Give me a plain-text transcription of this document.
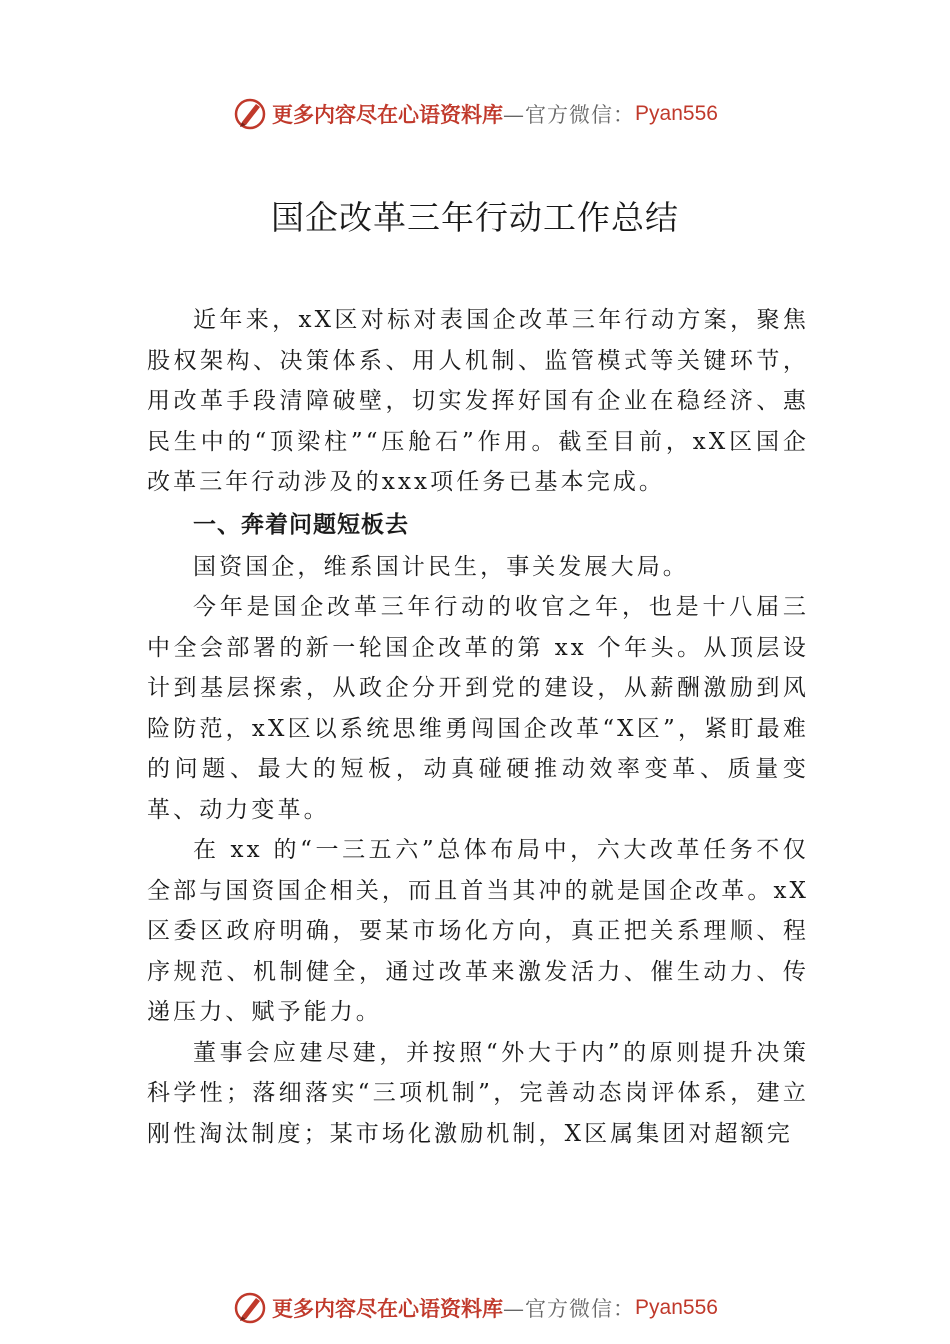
更多内容尽在心语资料库 —官方微信： Pyan556
国企改革三年行动工作总结

近年来，xX区对标对表国企改革三年行动方案，聚焦股权架构、决策体系、用人机制、监管模式等关键环节，用改革手段清障破壁，切实发挥好国有企业在稳经济、惠民生中的“顶梁柱”“压舱石”作用。截至目前，xX区国企改革三年行动涉及的xxx项任务已基本完成。

一、奔着问题短板去

国资国企，维系国计民生，事关发展大局。

今年是国企改革三年行动的收官之年，也是十八届三中全会部署的新一轮国企改革的第 xx 个年头。从顶层设计到基层探索，从政企分开到党的建设，从薪酬激励到风险防范，xX区以系统思维勇闯国企改革“X区”，紧盯最难的问题、最大的短板，动真碰硬推动效率变革、质量变革、动力变革。

在 xx 的“一三五六”总体布局中，六大改革任务不仅全部与国资国企相关，而且首当其冲的就是国企改革。xX区委区政府明确，要某市场化方向，真正把关系理顺、程序规范、机制健全，通过改革来激发活力、催生动力、传递压力、赋予能力。

董事会应建尽建，并按照“外大于内”的原则提升决策科学性；落细落实“三项机制”，完善动态岗评体系，建立刚性淘汰制度；某市场化激励机制，X区属集团对超额完

更多内容尽在心语资料库 —官方微信： Pyan556
